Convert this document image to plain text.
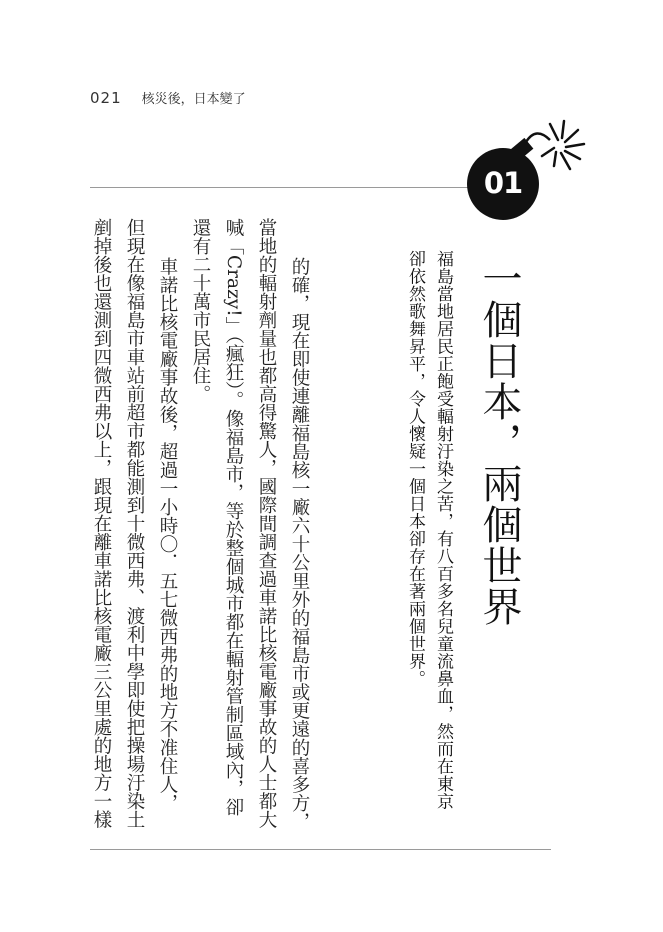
021 核災後，日本變了
01
一個日本，兩個世界
福島當地居民正飽受輻射汙染之苦，有八百多名兒童流鼻血，然而在東京
卻依然歌舞昇平，令人懷疑一個日本卻存在著兩個世界。
的確，現在即使連離福島核一廠六十公里外的福島市或更遠的喜多方，
當地的輻射劑量也都高得驚人，國際間調查過車諾比核電廠事故的人士都大
喊「Crazy!」（瘋狂）。像福島市，等於整個城市都在輻射管制區域內，卻
還有二十萬市民居住。
車諾比核電廠事故後，超過一小時〇．五七微西弗的地方不准住人，
但現在像福島市車站前超市都能測到十微西弗、渡利中學即使把操場汙染土
剷掉後也還測到四微西弗以上，跟現在離車諾比核電廠三公里處的地方一樣
